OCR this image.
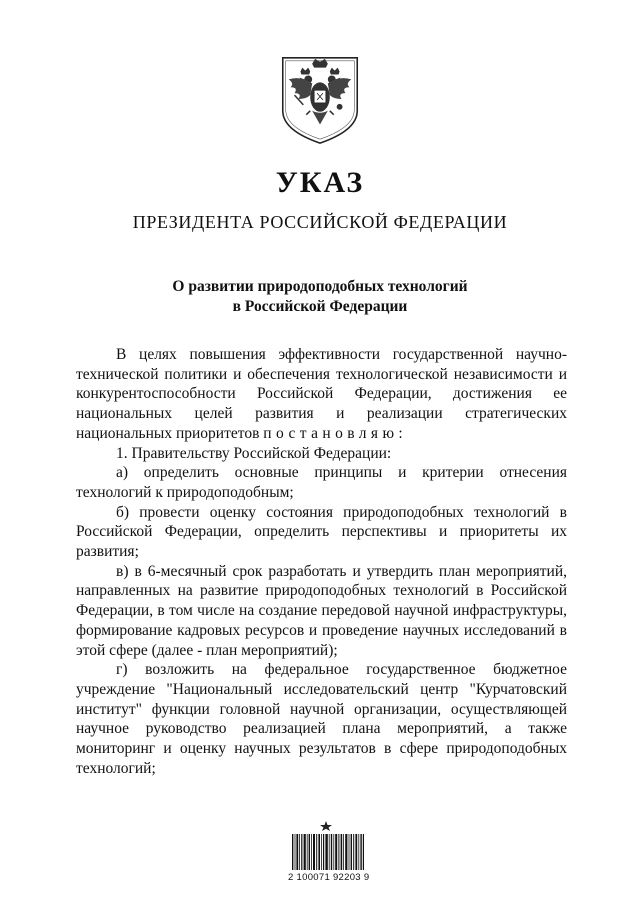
УКАЗ
ПРЕЗИДЕНТА РОССИЙСКОЙ ФЕДЕРАЦИИ
О развитии природоподобных технологий
в Российской Федерации

В целях повышения эффективности государственной научно-технической политики и обеспечения технологической независимости и конкурентоспособности Российской Федерации, достижения ее национальных целей развития и реализации стратегических национальных приоритетов постановляю:

1. Правительству Российской Федерации:

а) определить основные принципы и критерии отнесения технологий к природоподобным;

б) провести оценку состояния природоподобных технологий в Российской Федерации, определить перспективы и приоритеты их развития;

в) в 6-месячный срок разработать и утвердить план мероприятий, направленных на развитие природоподобных технологий в Российской Федерации, в том числе на создание передовой научной инфраструктуры, формирование кадровых ресурсов и проведение научных исследований в этой сфере (далее - план мероприятий);

г) возложить на федеральное государственное бюджетное учреждение "Национальный исследовательский центр "Курчатовский институт" функции головной научной организации, осуществляющей научное руководство реализацией плана мероприятий, а также мониторинг и оценку научных результатов в сфере природоподобных технологий;

2 100071 92203 9
